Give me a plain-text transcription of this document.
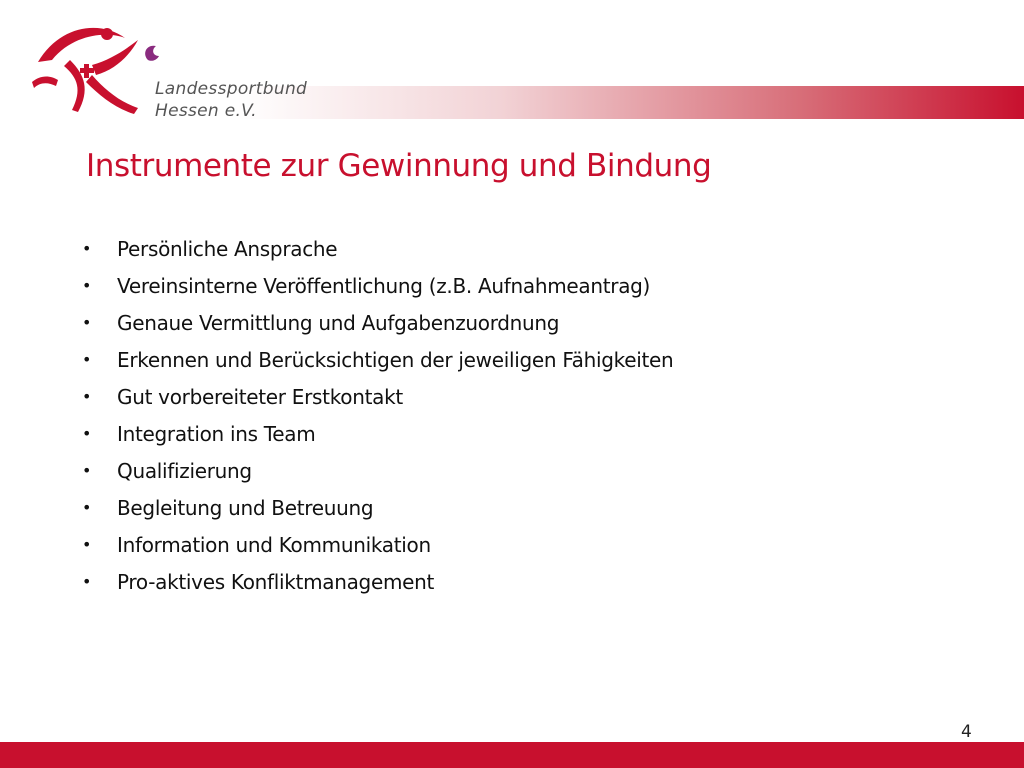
Landessportbund
Hessen e.V.
Instrumente zur Gewinnung und Bindung
• Persönliche Ansprache
• Vereinsinterne Veröffentlichung (z.B. Aufnahmeantrag)
• Genaue Vermittlung und Aufgabenzuordnung
• Erkennen und Berücksichtigen der jeweiligen Fähigkeiten
• Gut vorbereiteter Erstkontakt
• Integration ins Team
• Qualifizierung
• Begleitung und Betreuung
• Information und Kommunikation
• Pro-aktives Konfliktmanagement
4
